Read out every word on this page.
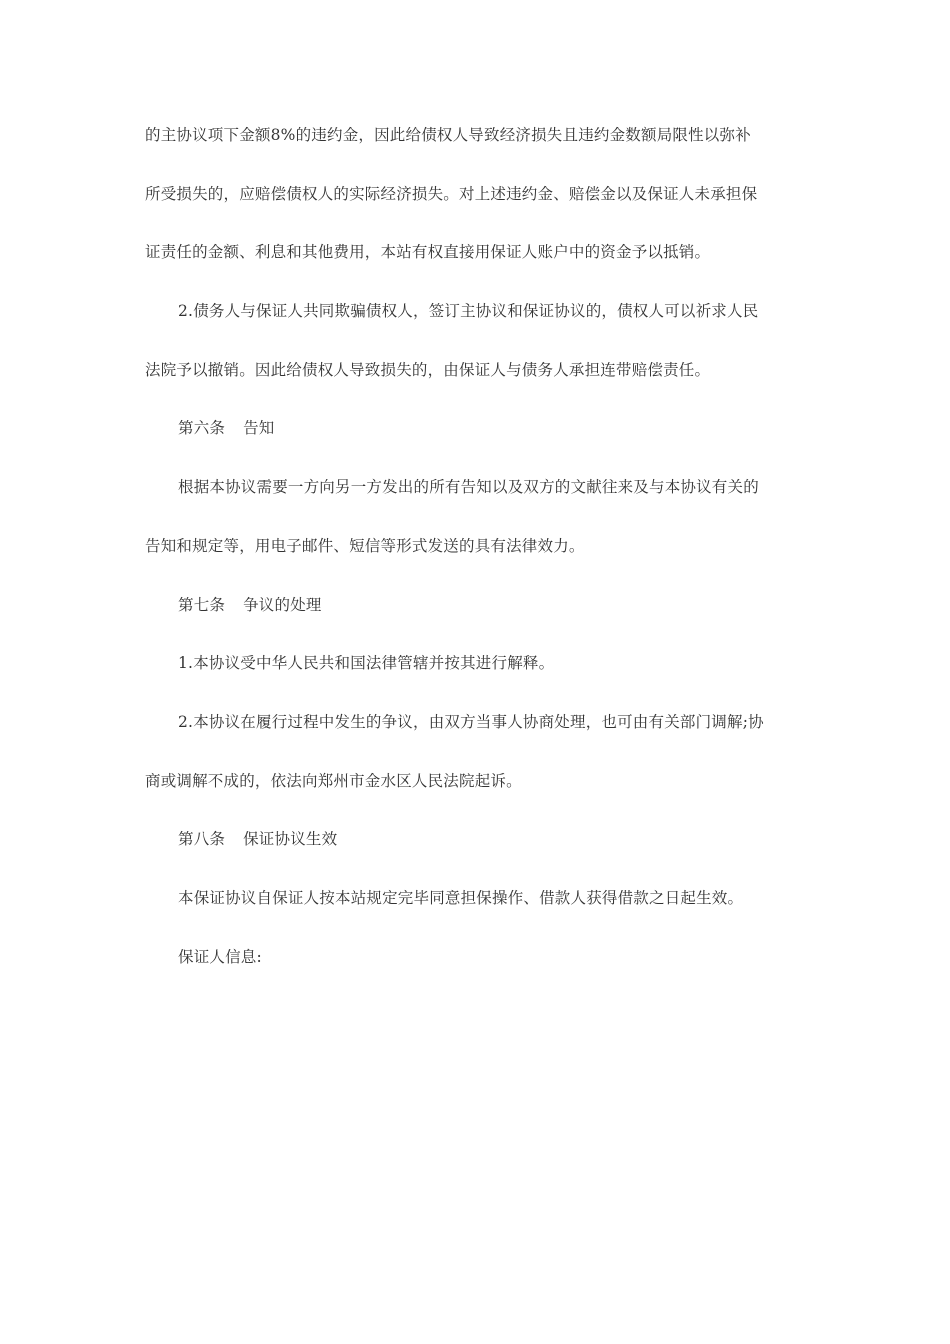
的主协议项下金额8%的违约金，因此给债权人导致经济损失且违约金数额局限性以弥补
所受损失的，应赔偿债权人的实际经济损失。对上述违约金、赔偿金以及保证人未承担保
证责任的金额、利息和其他费用，本站有权直接用保证人账户中的资金予以抵销。
2.债务人与保证人共同欺骗债权人，签订主协议和保证协议的，债权人可以祈求人民
法院予以撤销。因此给债权人导致损失的，由保证人与债务人承担连带赔偿责任。
第六条 告知
根据本协议需要一方向另一方发出的所有告知以及双方的文献往来及与本协议有关的
告知和规定等，用电子邮件、短信等形式发送的具有法律效力。
第七条 争议的处理
1.本协议受中华人民共和国法律管辖并按其进行解释。
2.本协议在履行过程中发生的争议，由双方当事人协商处理，也可由有关部门调解;协
商或调解不成的，依法向郑州市金水区人民法院起诉。
第八条 保证协议生效
本保证协议自保证人按本站规定完毕同意担保操作、借款人获得借款之日起生效。
保证人信息:
